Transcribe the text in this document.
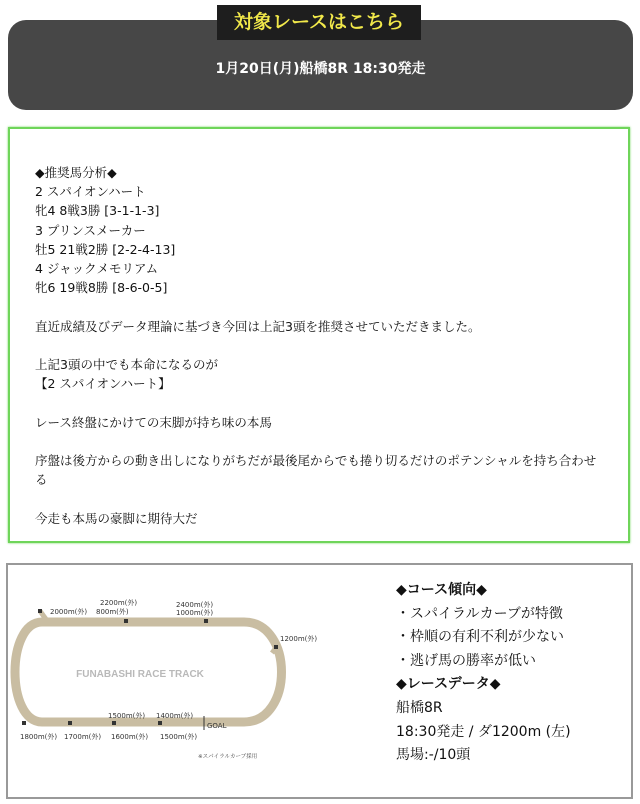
対象レースはこちら
1月20日(月)船橋8R 18:30発走
◆推奨馬分析◆
2 スパイオンハート
牝4 8戦3勝 [3-1-1-3]
3 プリンスメーカー
牡5 21戦2勝 [2-2-4-13]
4 ジャックメモリアム
牝6 19戦8勝 [8-6-0-5]
直近成績及びデータ理論に基づき今回は上記3頭を推奨させていただきました。
上記3頭の中でも本命になるのが
【2 スパイオンハート】
レース終盤にかけての末脚が持ち味の本馬
序盤は後方からの動き出しになりがちだが最後尾からでも捲り切るだけのポテンシャルを持ち合わせ
る
今走も本馬の豪脚に期待大だ
FUNABASHI RACE TRACK
2200m(外)
2000m(外) 800m(外)
2400m(外)
1000m(外)
1200m(外)
1500m(外) 1400m(外)
1800m(外) 1700m(外) 1600m(外) 1500m(外)
GOAL
※スパイラルカーブ採用
◆コース傾向◆
・スパイラルカーブが特徴
・枠順の有利不利が少ない
・逃げ馬の勝率が低い
◆レースデータ◆
船橋8R
18:30発走 / ダ1200m (左)
馬場:-/10頭
